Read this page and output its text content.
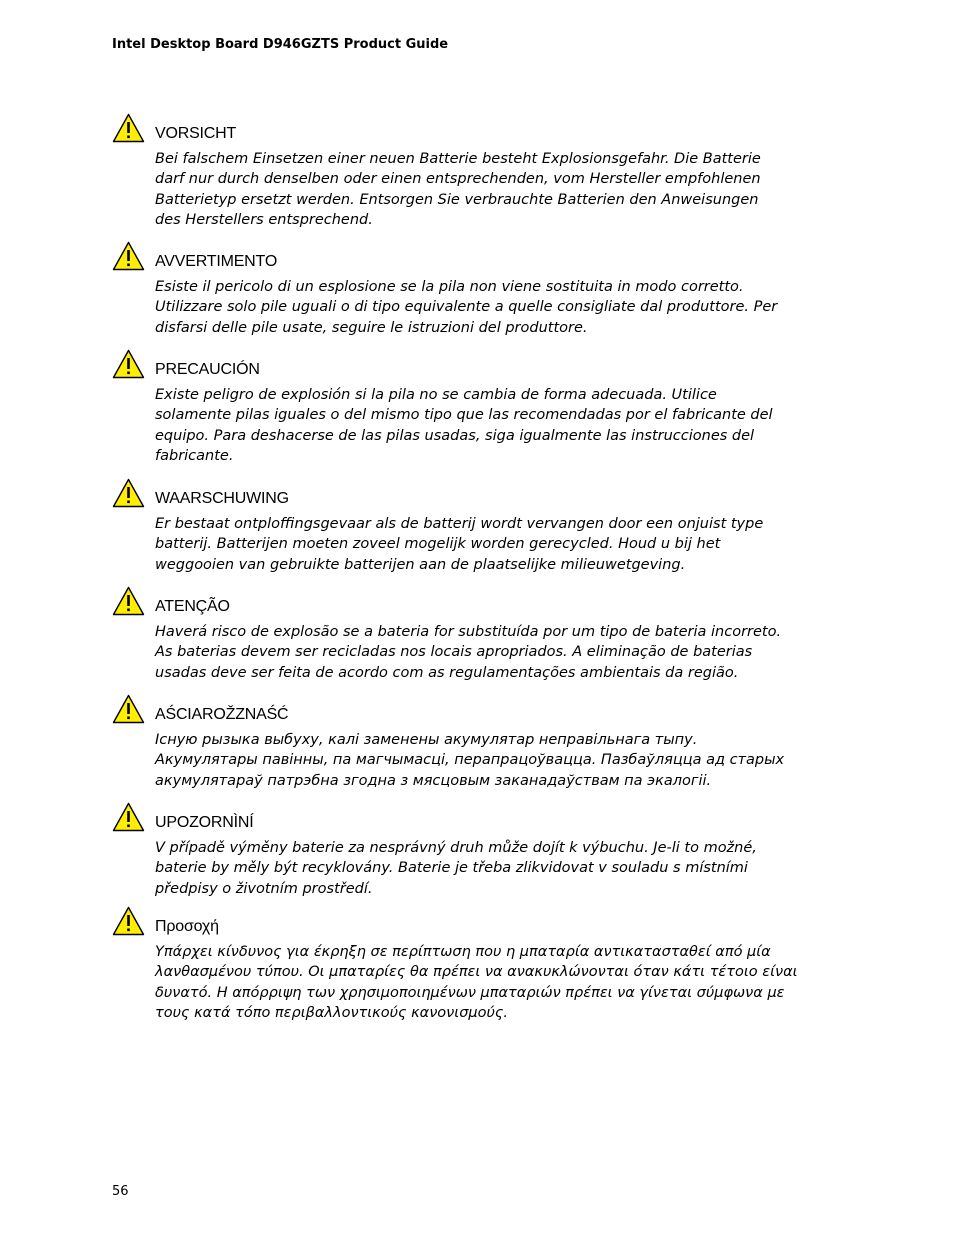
Intel Desktop Board D946GZTS Product Guide
VORSICHT

Bei falschem Einsetzen einer neuen Batterie besteht Explosionsgefahr. Die Batterie
darf nur durch denselben oder einen entsprechenden, vom Hersteller empfohlenen
Batterietyp ersetzt werden. Entsorgen Sie verbrauchte Batterien den Anweisungen
des Herstellers entsprechend.

AVVERTIMENTO

Esiste il pericolo di un esplosione se la pila non viene sostituita in modo corretto.
Utilizzare solo pile uguali o di tipo equivalente a quelle consigliate dal produttore. Per
disfarsi delle pile usate, seguire le istruzioni del produttore.

PRECAUCIÓN

Existe peligro de explosión si la pila no se cambia de forma adecuada. Utilice
solamente pilas iguales o del mismo tipo que las recomendadas por el fabricante del
equipo. Para deshacerse de las pilas usadas, siga igualmente las instrucciones del
fabricante.

WAARSCHUWING

Er bestaat ontploffingsgevaar als de batterij wordt vervangen door een onjuist type
batterij. Batterijen moeten zoveel mogelijk worden gerecycled. Houd u bij het
weggooien van gebruikte batterijen aan de plaatselijke milieuwetgeving.

ATENÇÃO

Haverá risco de explosão se a bateria for substituída por um tipo de bateria incorreto.
As baterias devem ser recicladas nos locais apropriados. A eliminação de baterias
usadas deve ser feita de acordo com as regulamentações ambientais da região.

AŚCIAROŽZNAŚĆ

Існую рызыка выбуху, калі заменены акумулятар неправільнага тыпу.
Акумулятары павінны, па магчымасці, перапрацоўвацца. Пазбаўляцца ад старых
акумулятараў патрэбна згодна з мясцовым заканадаўствам па экалогіі.

UPOZORNÌNÍ

V případě výměny baterie za nesprávný druh může dojít k výbuchu. Je-li to možné,
baterie by měly být recyklovány. Baterie je třeba zlikvidovat v souladu s místními
předpisy o životním prostředí.

Προσοχή

Υπάρχει κίνδυνος για έκρηξη σε περίπτωση που η μπαταρία αντικατασταθεί από μία
λανθασμένου τύπου. Οι μπαταρίες θα πρέπει να ανακυκλώνονται όταν κάτι τέτοιο είναι
δυνατό. Η απόρριψη των χρησιμοποιημένων μπαταριών πρέπει να γίνεται σύμφωνα με
τους κατά τόπο περιβαλλοντικούς κανονισμούς.

56
